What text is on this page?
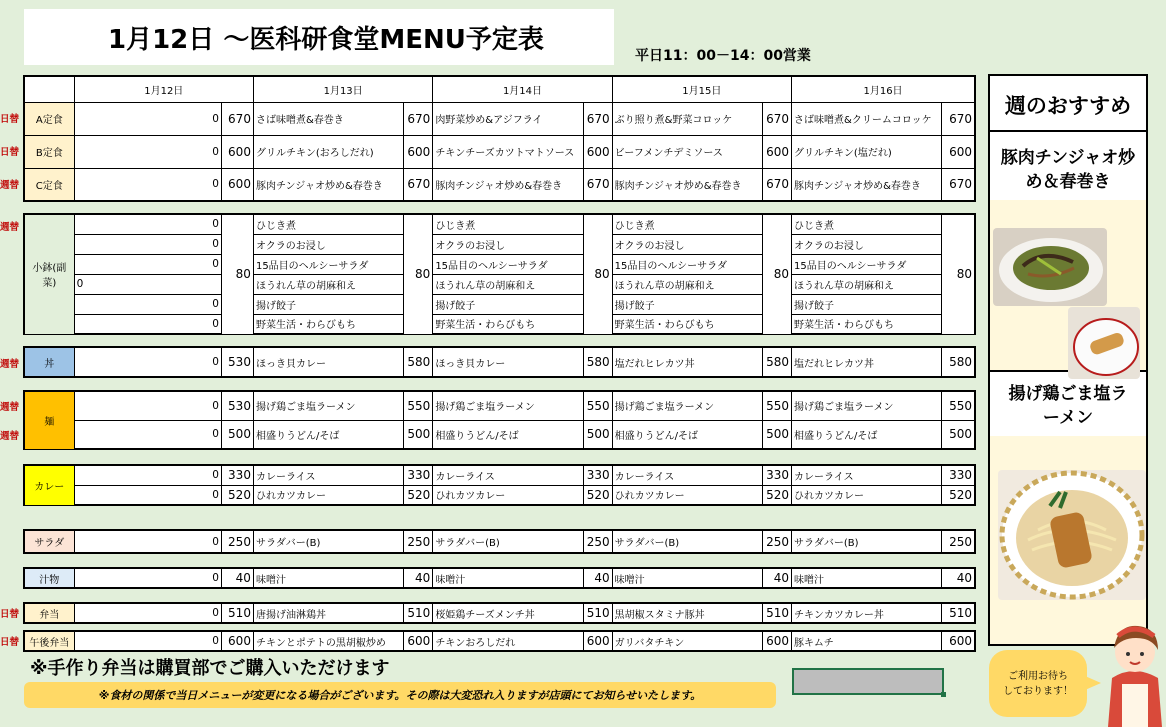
1月12日 ～医科研食堂MENU予定表
平日11：00－14：00営業
	1月12日		1月13日		1月14日		1月15日		1月16日	
A定食	0	670	さば味噌煮&春巻き	670	肉野菜炒め&アジフライ	670	ぶり照り煮&野菜コロッケ	670	さば味噌煮&クリームコロッケ	670
B定食	0	600	グリルチキン(おろしだれ)	600	チキンチーズカツトマトソース	600	ビーフメンチデミソース	600	グリルチキン(塩だれ)	600
C定食	0	600	豚肉チンジャオ炒め&春巻き	670	豚肉チンジャオ炒め&春巻き	670	豚肉チンジャオ炒め&春巻き	670	豚肉チンジャオ炒め&春巻き	670
小鉢(副菜)	0	80	ひじき煮	80	ひじき煮	80	ひじき煮	80	ひじき煮	80
	0		オクラのお浸し		オクラのお浸し		オクラのお浸し		オクラのお浸し	
	0		15品目のヘルシーサラダ		15品目のヘルシーサラダ		15品目のヘルシーサラダ		15品目のヘルシーサラダ	
	0		ほうれん草の胡麻和え		ほうれん草の胡麻和え		ほうれん草の胡麻和え		ほうれん草の胡麻和え	
	0		揚げ餃子		揚げ餃子		揚げ餃子		揚げ餃子	
	0		野菜生活・わらびもち		野菜生活・わらびもち		野菜生活・わらびもち		野菜生活・わらびもち	
丼	0	530	ほっき貝カレー	580	ほっき貝カレー	580	塩だれヒレカツ丼	580	塩だれヒレカツ丼	580
麺	0	530	揚げ鶏ごま塩ラーメン	550	揚げ鶏ごま塩ラーメン	550	揚げ鶏ごま塩ラーメン	550	揚げ鶏ごま塩ラーメン	550
	0	500	相盛りうどん/そば	500	相盛りうどん/そば	500	相盛りうどん/そば	500	相盛りうどん/そば	500
カレー	0	330	カレーライス	330	カレーライス	330	カレーライス	330	カレーライス	330
	0	520	ひれカツカレー	520	ひれカツカレー	520	ひれカツカレー	520	ひれカツカレー	520
サラダ	0	250	サラダバー(B)	250	サラダバー(B)	250	サラダバー(B)	250	サラダバー(B)	250
汁物	0	40	味噌汁	40	味噌汁	40	味噌汁	40	味噌汁	40
弁当	0	510	唐揚げ油淋鶏丼	510	桜姫鶏チーズメンチ丼	510	黒胡椒スタミナ豚丼	510	チキンカツカレー丼	510
午後弁当	0	600	チキンとポテトの黒胡椒炒め	600	チキンおろしだれ	600	ガリバタチキン	600	豚キムチ	600
日替
日替
週替
週替
週替
週替
週替
日替
日替
週のおすすめ
豚肉チンジャオ炒め＆春巻き
揚げ鶏ごま塩ラーメン
※手作り弁当は購買部でご購入いただけます
※食材の関係で当日メニューが変更になる場合がございます。その際は大変恐れ入りますが店頭にてお知らせいたします。
ご利用お待ち
しております！
